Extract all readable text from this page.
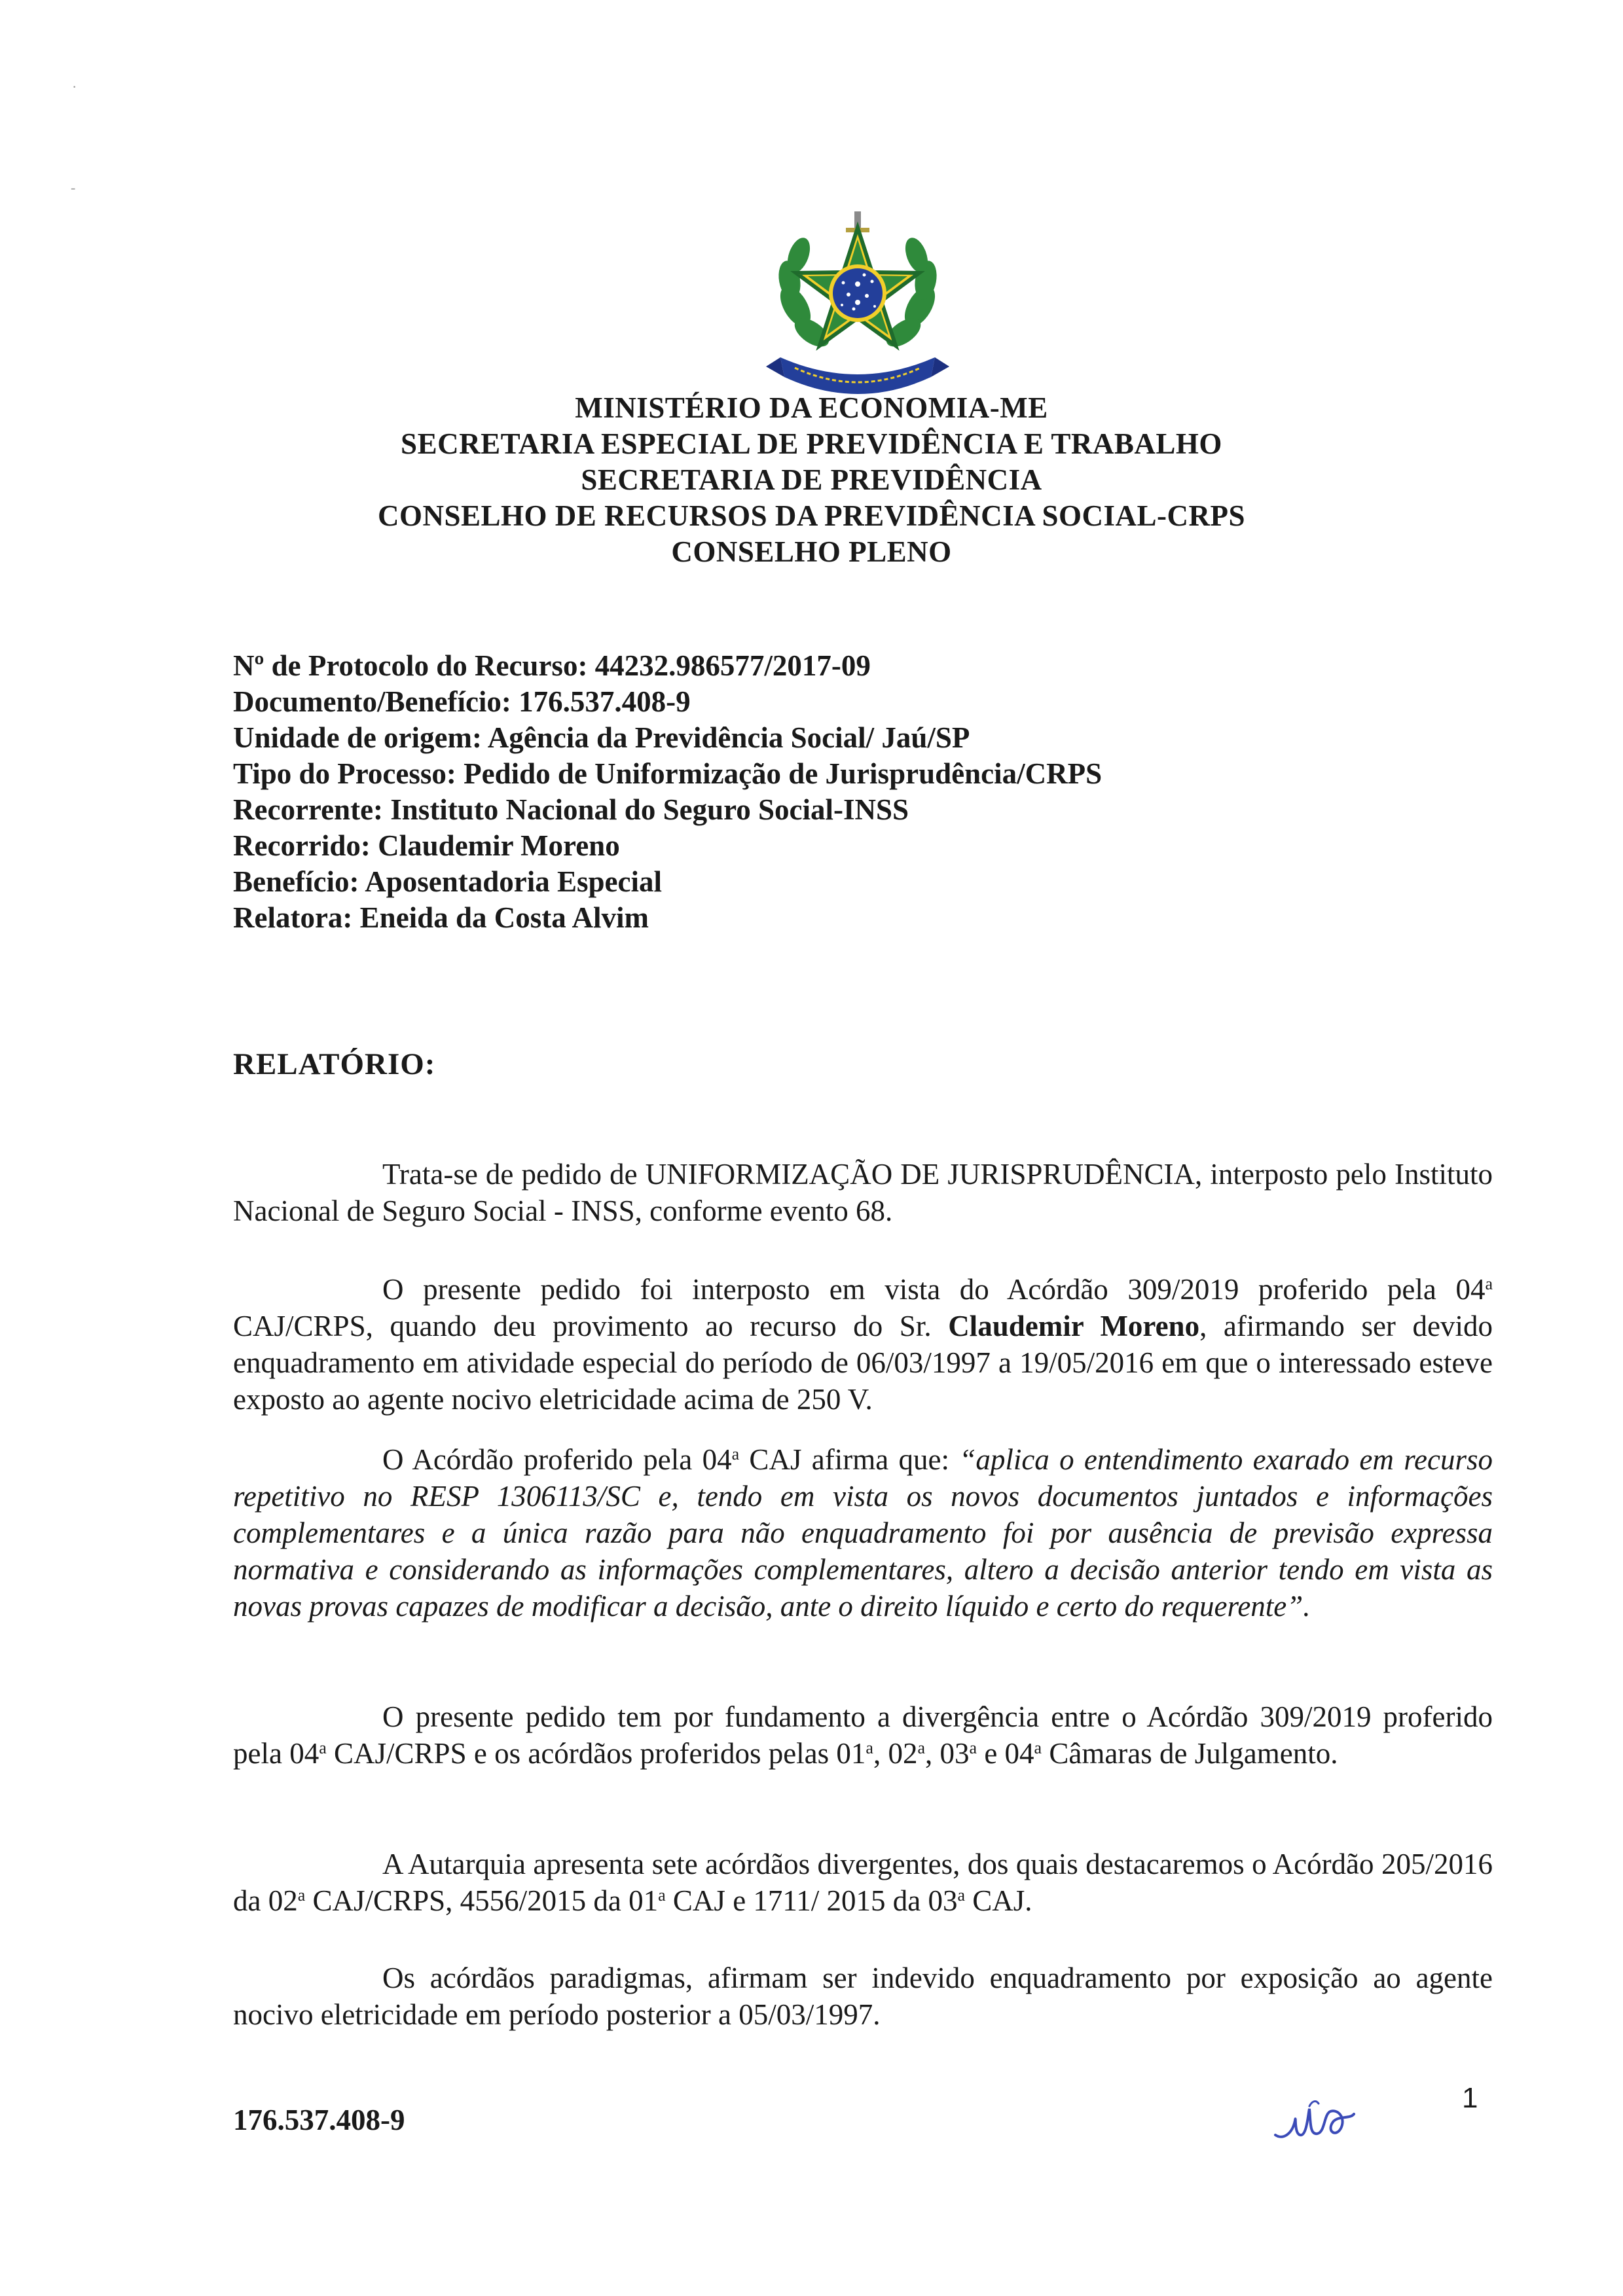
·
-
MINISTÉRIO DA ECONOMIA-ME
SECRETARIA ESPECIAL DE PREVIDÊNCIA E TRABALHO
SECRETARIA DE PREVIDÊNCIA
CONSELHO DE RECURSOS DA PREVIDÊNCIA SOCIAL-CRPS
CONSELHO PLENO
Nº de Protocolo do Recurso: 44232.986577/2017-09
Documento/Benefício: 176.537.408-9
Unidade de origem: Agência da Previdência Social/ Jaú/SP
Tipo do Processo: Pedido de Uniformização de Jurisprudência/CRPS
Recorrente: Instituto Nacional do Seguro Social-INSS
Recorrido: Claudemir Moreno
Benefício: Aposentadoria Especial
Relatora: Eneida da Costa Alvim
RELATÓRIO:

Trata-se de pedido de UNIFORMIZAÇÃO DE JURISPRUDÊNCIA, interposto pelo Instituto Nacional de Seguro Social - INSS, conforme evento 68.

O presente pedido foi interposto em vista do Acórdão 309/2019 proferido pela 04$^a$ CAJ/CRPS, quando deu provimento ao recurso do Sr. Claudemir Moreno, afirmando ser devido enquadramento em atividade especial do período de 06/03/1997 a 19/05/2016 em que o interessado esteve exposto ao agente nocivo eletricidade acima de 250 V.

O Acórdão proferido pela 04$^a$ CAJ afirma que: “aplica o entendimento exarado em recurso repetitivo no RESP 1306113/SC e, tendo em vista os novos documentos juntados e informações complementares e a única razão para não enquadramento foi por ausência de previsão expressa normativa e considerando as informações complementares, altero a decisão anterior tendo em vista as novas provas capazes de modificar a decisão, ante o direito líquido e certo do requerente”.

O presente pedido tem por fundamento a divergência entre o Acórdão 309/2019 proferido pela 04$^a$ CAJ/CRPS e os acórdãos proferidos pelas 01$^a$, 02$^a$, 03$^a$ e 04$^a$ Câmaras de Julgamento.

A Autarquia apresenta sete acórdãos divergentes, dos quais destacaremos o Acórdão 205/2016 da 02$^a$ CAJ/CRPS, 4556/2015 da 01$^a$ CAJ e 1711/ 2015 da 03$^a$ CAJ.

Os acórdãos paradigmas, afirmam ser indevido enquadramento por exposição ao agente nocivo eletricidade em período posterior a 05/03/1997.

1
176.537.408-9
